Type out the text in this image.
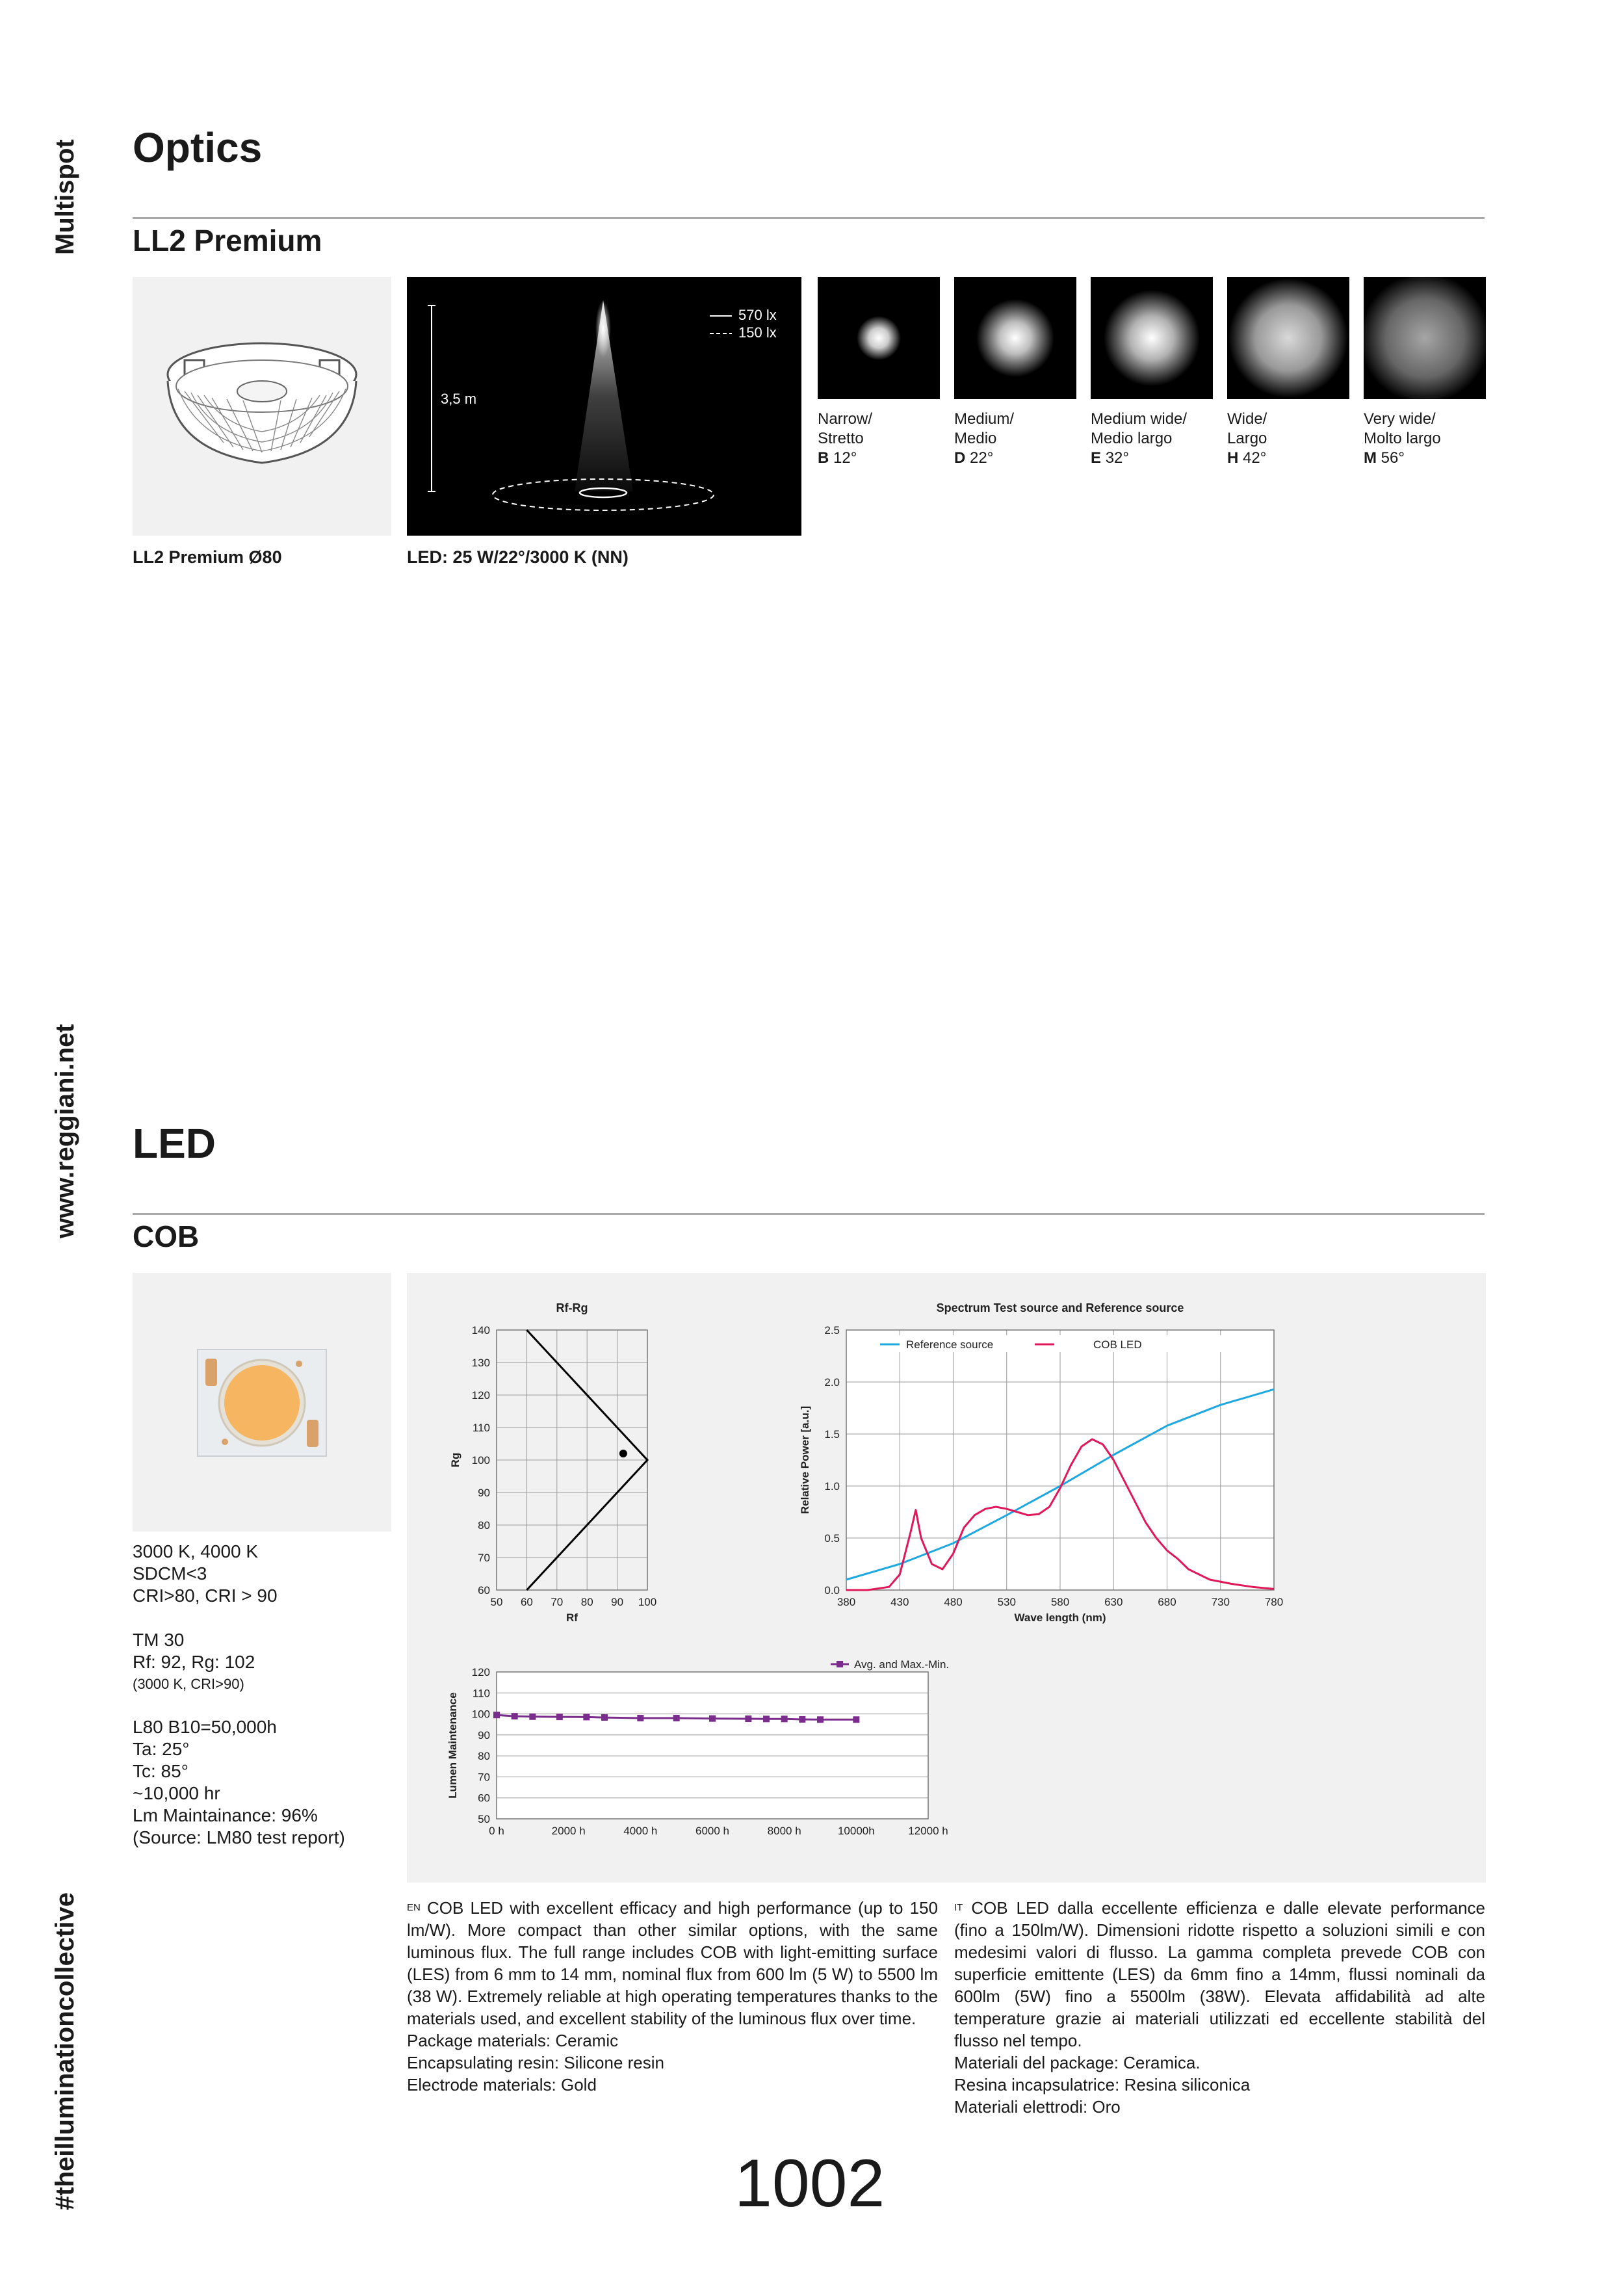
Multispot
www.reggiani.net
#theilluminationcollective
Optics
LL2 Premium
3,5 m
570 lx
150 lx
LL2 Premium Ø80	LED: 25 W/22°/3000 K (NN)
Narrow/
Stretto
B 12°
Medium/
Medio
D 22°
Medium wide/
Medio largo
E 32°
Wide/
Largo
H 42°
Very wide/
Molto largo
M 56°
LED
COB
3000 K, 4000 K
SDCM<3
CRI>80, CRI > 90
TM 30
Rf: 92, Rg: 102
(3000 K, CRI>90)
L80 B10=50,000h
Ta: 25°
Tc: 85°
~10,000 hr
Lm Maintainance: 96%
(Source: LM80 test report)
60
70
80
90
100
110
120
130
140
50 60 70 80 90 100
Rf-Rg
Rf
Rg
0.0
0.5
1.0
1.5
2.0
2.5
380	430	480	530	580	630	680	730	780
Spectrum Test source and Reference source
Wave length (nm)
Relative Power [a.u.]
Reference source	COB LED
50
60
70
80
90
100
110
120
0 h	2000 h	4000 h	6000 h	8000 h	10000h	12000 h
Lumen Maintenance
Avg. and Max.-Min.
$^{EN}$ COB LED with excellent efficacy and high performance (up to 150 lm/W). More compact than other similar options, with the same luminous flux. The full range includes COB with light-emitting surface (LES) from 6 mm to 14 mm, nominal flux from 600 lm (5 W) to 5500 lm (38 W). Extremely reliable at high operating temperatures thanks to the materials used, and excellent stability of the luminous flux over time.
Package materials: Ceramic
Encapsulating resin: Silicone resin
Electrode materials: Gold
$^{IT}$ COB LED dalla eccellente efficienza e dalle elevate performance (fino a 150lm/W). Dimensioni ridotte rispetto a soluzioni simili e con medesimi valori di flusso. La gamma completa prevede COB con superficie emittente (LES) da 6mm fino a 14mm, flussi nominali da 600lm (5W) fino a 5500lm (38W). Elevata affidabilità ad alte temperature grazie ai materiali utilizzati ed eccellente stabilità del flusso nel tempo.
Materiali del package: Ceramica.
Resina incapsulatrice: Resina siliconica
Materiali elettrodi: Oro
1002
